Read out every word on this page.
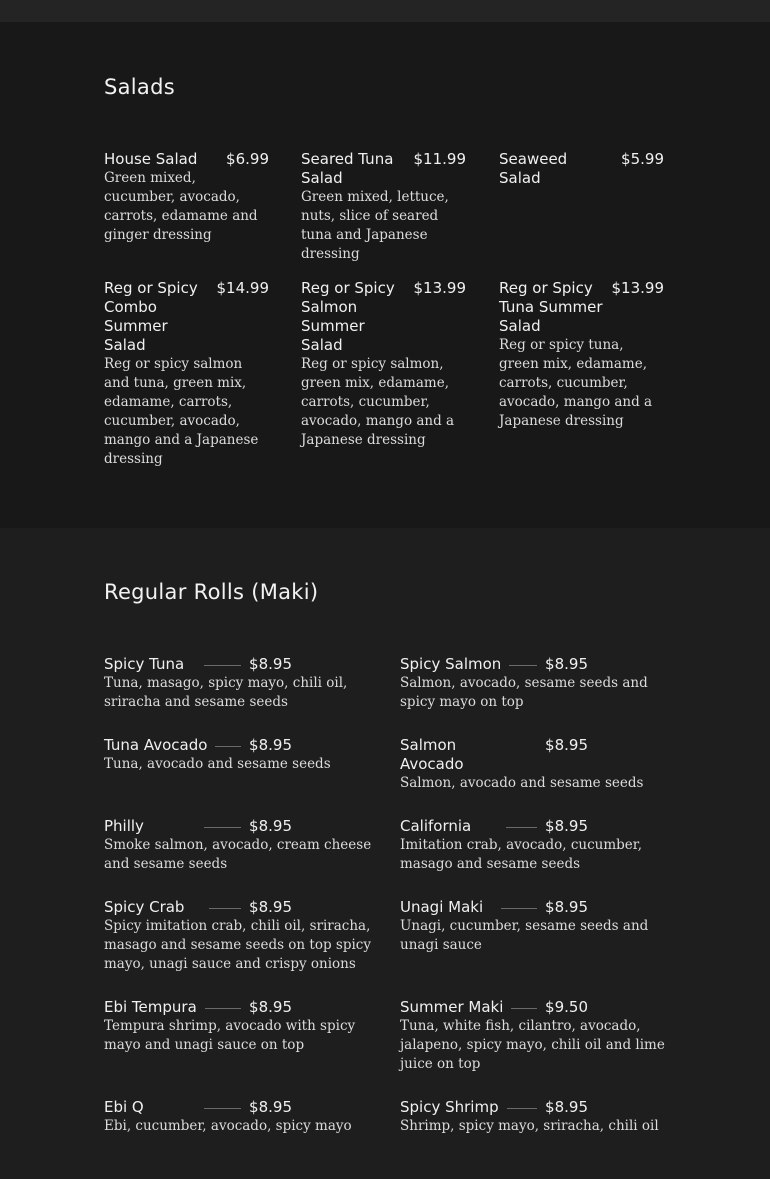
Salads
House Salad	$6.99
Green mixed, cucumber, avocado, carrots, edamame and ginger dressing
Seared Tuna Salad
$11.99
Green mixed, lettuce, nuts, slice of seared tuna and Japanese dressing
Seaweed Salad
$5.99
Reg or Spicy Combo Summer Salad
$14.99
Reg or spicy salmon and tuna, green mix, edamame, carrots, cucumber, avocado, mango and a Japanese dressing
Reg or Spicy Salmon Summer Salad
$13.99
Reg or spicy salmon, green mix, edamame, carrots, cucumber, avocado, mango and a Japanese dressing
Reg or Spicy Tuna Summer Salad
$13.99
Reg or spicy tuna, green mix, edamame, carrots, cucumber, avocado, mango and a Japanese dressing
Regular Rolls (Maki)
Spicy Tuna	$8.95
Tuna, masago, spicy mayo, chili oil, sriracha and sesame seeds
Spicy Salmon	$8.95
Salmon, avocado, sesame seeds and spicy mayo on top
Tuna Avocado	$8.95
Tuna, avocado and sesame seeds
Salmon Avocado
$8.95
Salmon, avocado and sesame seeds
Philly	$8.95
Smoke salmon, avocado, cream cheese and sesame seeds
California	$8.95
Imitation crab, avocado, cucumber, masago and sesame seeds
Spicy Crab	$8.95
Spicy imitation crab, chili oil, sriracha, masago and sesame seeds on top spicy mayo, unagi sauce and crispy onions
Unagi Maki	$8.95
Unagi, cucumber, sesame seeds and unagi sauce
Ebi Tempura	$8.95
Tempura shrimp, avocado with spicy mayo and unagi sauce on top
Summer Maki	$9.50
Tuna, white fish, cilantro, avocado, jalapeno, spicy mayo, chili oil and lime juice on top
Ebi Q	$8.95
Ebi, cucumber, avocado, spicy mayo
Spicy Shrimp	$8.95
Shrimp, spicy mayo, sriracha, chili oil
